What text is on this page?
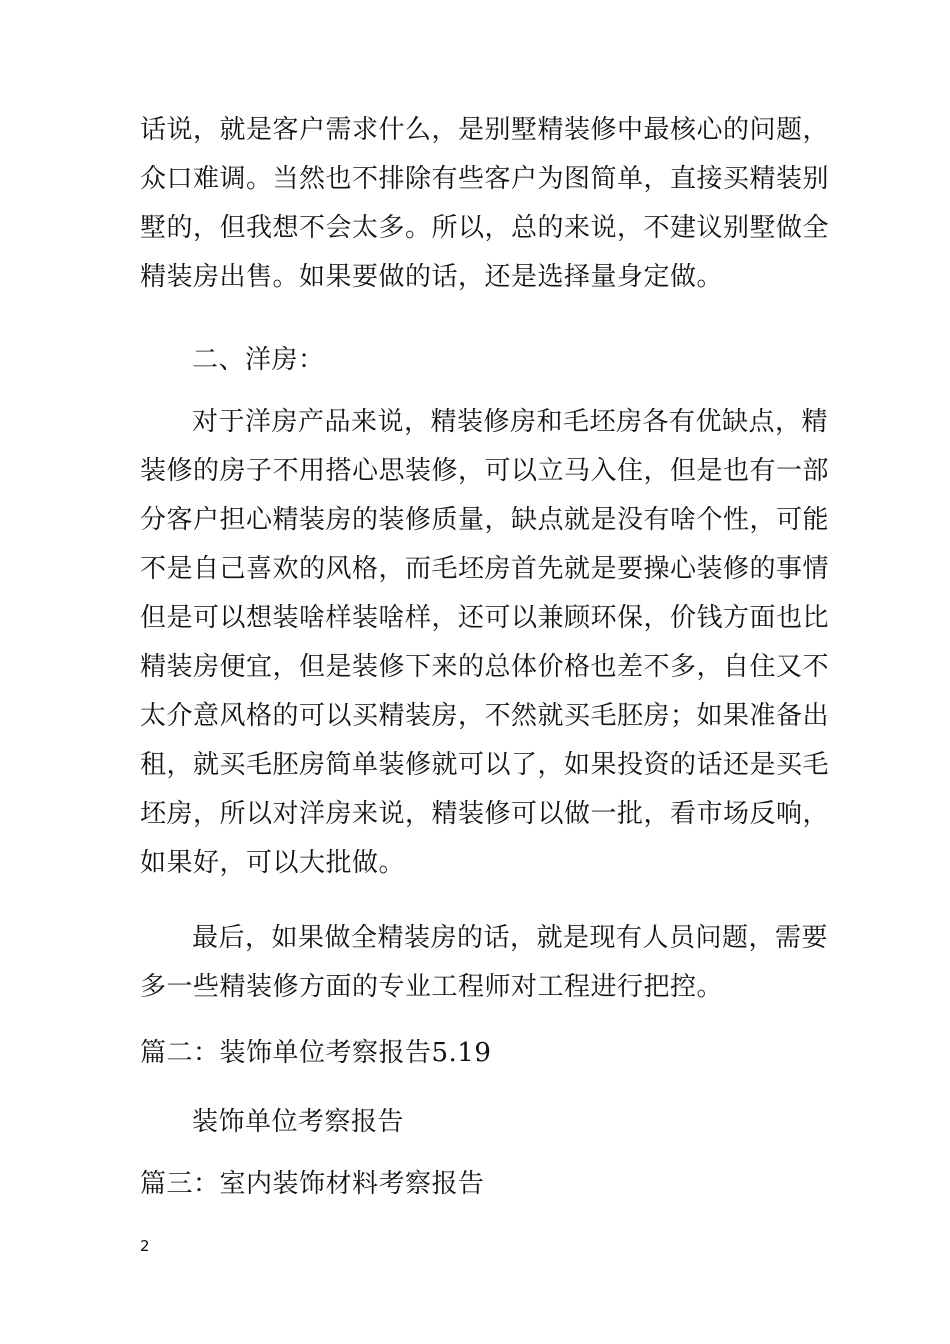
话说，就是客户需求什么，是别墅精装修中最核心的问题，
众口难调。当然也不排除有些客户为图简单，直接买精装别
墅的，但我想不会太多。所以，总的来说，不建议别墅做全
精装房出售。如果要做的话，还是选择量身定做。
二、洋房：
对于洋房产品来说，精装修房和毛坯房各有优缺点，精
装修的房子不用搭心思装修，可以立马入住，但是也有一部
分客户担心精装房的装修质量，缺点就是没有啥个性，可能
不是自己喜欢的风格，而毛坯房首先就是要操心装修的事情
但是可以想装啥样装啥样，还可以兼顾环保，价钱方面也比
精装房便宜，但是装修下来的总体价格也差不多，自住又不
太介意风格的可以买精装房，不然就买毛胚房；如果准备出
租，就买毛胚房简单装修就可以了，如果投资的话还是买毛
坯房，所以对洋房来说，精装修可以做一批，看市场反响，
如果好，可以大批做。
最后，如果做全精装房的话，就是现有人员问题，需要
多一些精装修方面的专业工程师对工程进行把控。
篇二：装饰单位考察报告5.19
装饰单位考察报告
篇三：室内装饰材料考察报告
2
